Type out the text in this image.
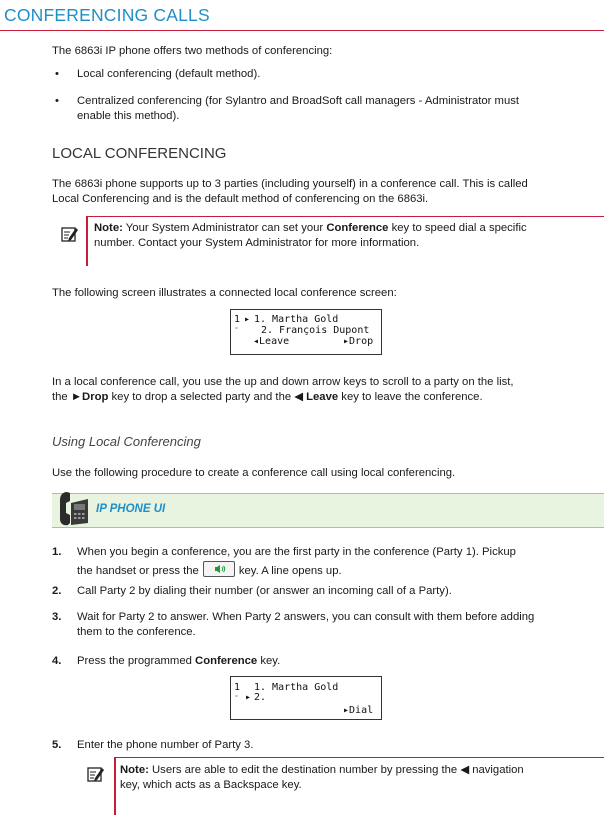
CONFERENCING CALLS
The 6863i IP phone offers two methods of conferencing:
• Local conferencing (default method).
• Centralized conferencing (for Sylantro and BroadSoft call managers - Administrator must
enable this method).
LOCAL CONFERENCING
The 6863i phone supports up to 3 parties (including yourself) in a conference call. This is called
Local Conferencing and is the default method of conferencing on the 6863i.
Note: Your System Administrator can set your Conference key to speed dial a specific
number. Contact your System Administrator for more information.
The following screen illustrates a connected local conference screen:
1
⁼
▸ 1. Martha Gold
2. François Dupont
◂Leave	▸Drop
In a local conference call, you use the up and down arrow keys to scroll to a party on the list,
the ►Drop key to drop a selected party and the ◀ Leave key to leave the conference.
Using Local Conferencing
Use the following procedure to create a conference call using local conferencing.
IP PHONE UI
1. When you begin a conference, you are the first party in the conference (Party 1). Pickup
the handset or press the	key. A line opens up.
2. Call Party 2 by dialing their number (or answer an incoming call of a Party).
3. Wait for Party 2 to answer. When Party 2 answers, you can consult with them before adding
them to the conference.
4. Press the programmed Conference key.
1
⁼
1. Martha Gold
▸ 2.
▸Dial
5. Enter the phone number of Party 3.
Note: Users are able to edit the destination number by pressing the ◀ navigation
key, which acts as a Backspace key.
